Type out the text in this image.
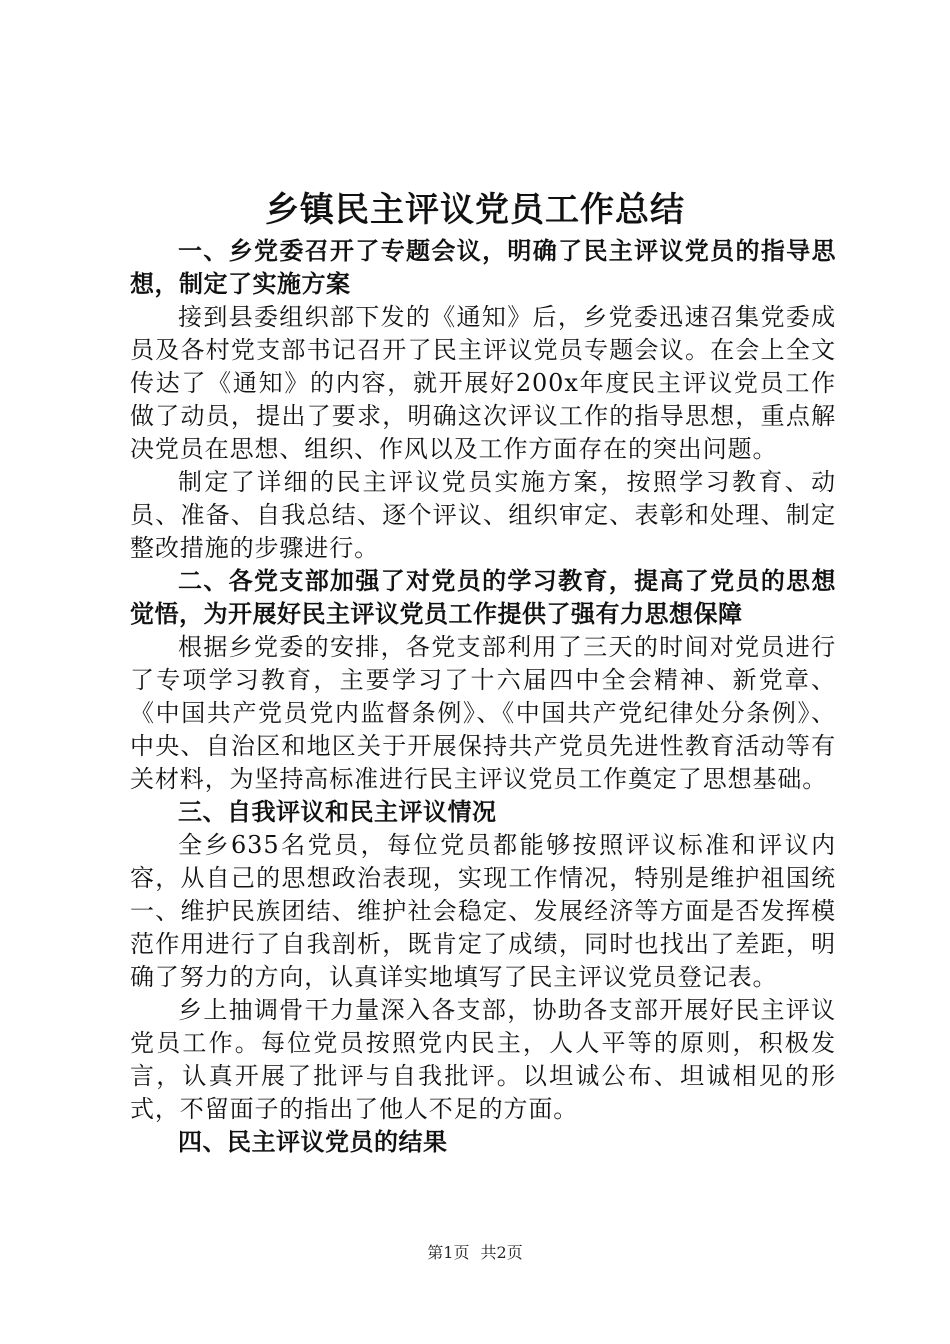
乡镇民主评议党员工作总结

一、乡党委召开了专题会议，明确了民主评议党员的指导思想，制定了实施方案

接到县委组织部下发的《通知》后，乡党委迅速召集党委成员及各村党支部书记召开了民主评议党员专题会议。在会上全文传达了《通知》的内容，就开展好200x年度民主评议党员工作做了动员，提出了要求，明确这次评议工作的指导思想，重点解决党员在思想、组织、作风以及工作方面存在的突出问题。

制定了详细的民主评议党员实施方案，按照学习教育、动员、准备、自我总结、逐个评议、组织审定、表彰和处理、制定整改措施的步骤进行。

二、各党支部加强了对党员的学习教育，提高了党员的思想觉悟，为开展好民主评议党员工作提供了强有力思想保障

根据乡党委的安排，各党支部利用了三天的时间对党员进行了专项学习教育，主要学习了十六届四中全会精神、新党章、《中国共产党员党内监督条例》、《中国共产党纪律处分条例》、中央、自治区和地区关于开展保持共产党员先进性教育活动等有关材料，为坚持高标准进行民主评议党员工作奠定了思想基础。

三、自我评议和民主评议情况

全乡635名党员，每位党员都能够按照评议标准和评议内容，从自己的思想政治表现，实现工作情况，特别是维护祖国统一、维护民族团结、维护社会稳定、发展经济等方面是否发挥模范作用进行了自我剖析，既肯定了成绩，同时也找出了差距，明确了努力的方向，认真详实地填写了民主评议党员登记表。

乡上抽调骨干力量深入各支部，协助各支部开展好民主评议党员工作。每位党员按照党内民主，人人平等的原则，积极发言，认真开展了批评与自我批评。以坦诚公布、坦诚相见的形式，不留面子的指出了他人不足的方面。

四、民主评议党员的结果

第1页 共2页
